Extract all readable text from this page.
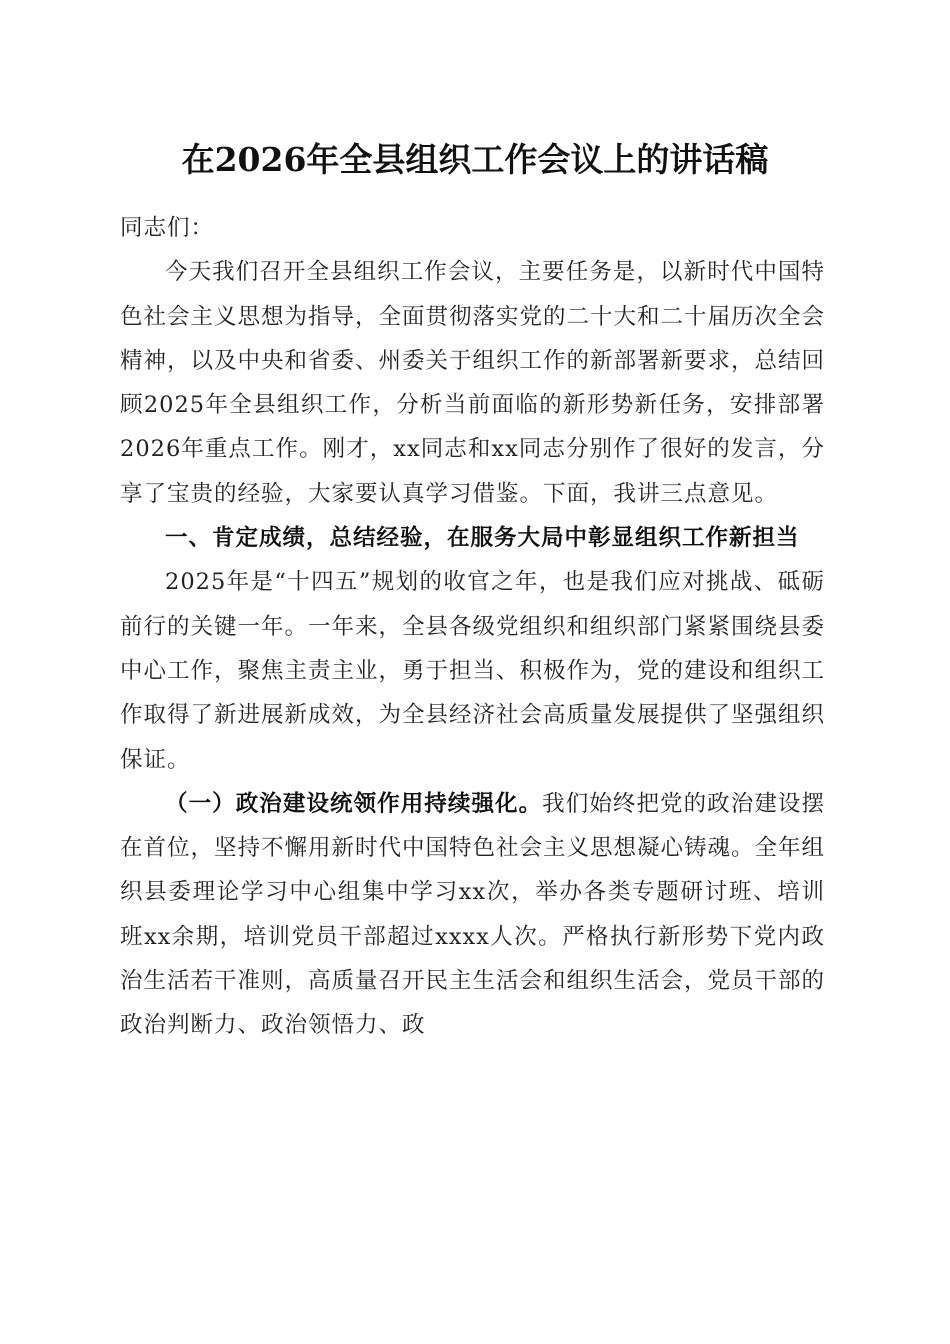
在2026年全县组织工作会议上的讲话稿

同志们：

今天我们召开全县组织工作会议，主要任务是，以新时代中国特色社会主义思想为指导，全面贯彻落实党的二十大和二十届历次全会精神，以及中央和省委、州委关于组织工作的新部署新要求，总结回顾2025年全县组织工作，分析当前面临的新形势新任务，安排部署2026年重点工作。刚才，xx同志和xx同志分别作了很好的发言，分享了宝贵的经验，大家要认真学习借鉴。下面，我讲三点意见。

一、肯定成绩，总结经验，在服务大局中彰显组织工作新担当

2025年是“十四五”规划的收官之年，也是我们应对挑战、砥砺前行的关键一年。一年来，全县各级党组织和组织部门紧紧围绕县委中心工作，聚焦主责主业，勇于担当、积极作为，党的建设和组织工作取得了新进展新成效，为全县经济社会高质量发展提供了坚强组织保证。

（一）政治建设统领作用持续强化。我们始终把党的政治建设摆在首位，坚持不懈用新时代中国特色社会主义思想凝心铸魂。全年组织县委理论学习中心组集中学习xx次，举办各类专题研讨班、培训班xx余期，培训党员干部超过xxxx人次。严格执行新形势下党内政治生活若干准则，高质量召开民主生活会和组织生活会，党员干部的政治判断力、政治领悟力、政
